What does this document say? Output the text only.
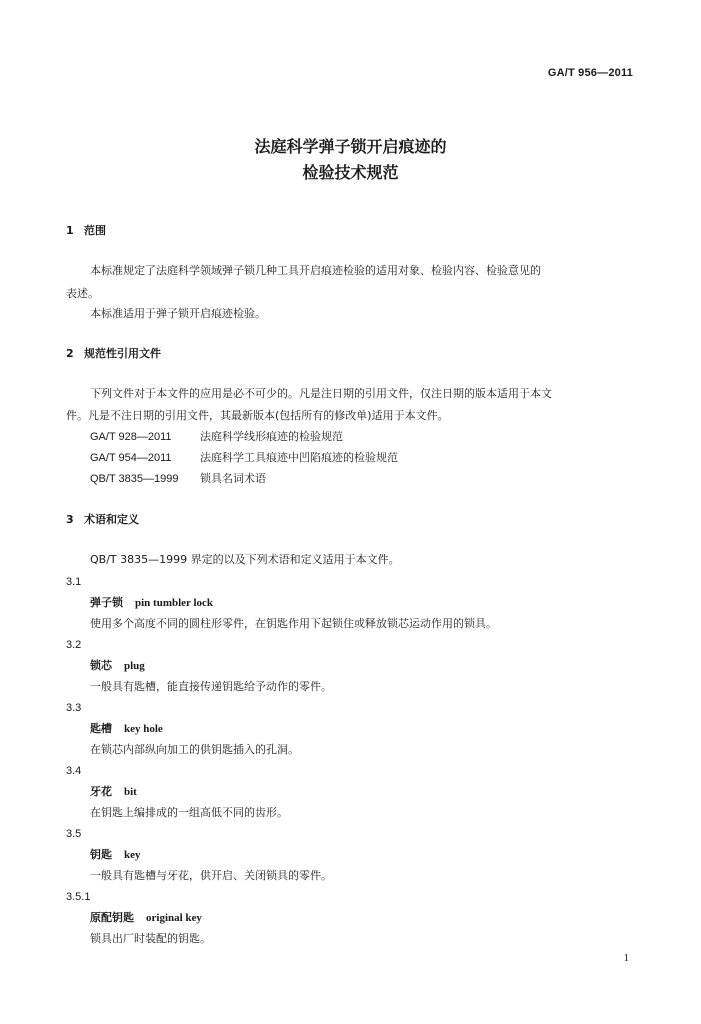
GA/T 956—2011
法庭科学弹子锁开启痕迹的
检验技术规范
1 范围
本标准规定了法庭科学领域弹子锁几种工具开启痕迹检验的适用对象、检验内容、检验意见的
表述。
本标准适用于弹子锁开启痕迹检验。
2 规范性引用文件
下列文件对于本文件的应用是必不可少的。凡是注日期的引用文件，仅注日期的版本适用于本文
件。凡是不注日期的引用文件，其最新版本(包括所有的修改单)适用于本文件。
GA/T 928—2011	法庭科学线形痕迹的检验规范
GA/T 954—2011	法庭科学工具痕迹中凹陷痕迹的检验规范
QB/T 3835—1999 锁具名词术语
3 术语和定义
QB/T 3835—1999 界定的以及下列术语和定义适用于本文件。
3.1
弹子锁 pin tumbler lock
使用多个高度不同的圆柱形零件，在钥匙作用下起锁住或释放锁芯运动作用的锁具。
3.2
锁芯 plug
一般具有匙槽，能直接传递钥匙给予动作的零件。
3.3
匙槽 key hole
在锁芯内部纵向加工的供钥匙插入的孔洞。
3.4
牙花 bit
在钥匙上编排成的一组高低不同的齿形。
3.5
钥匙 key
一般具有匙槽与牙花，供开启、关闭锁具的零件。
3.5.1
原配钥匙 original key
锁具出厂时装配的钥匙。
1
